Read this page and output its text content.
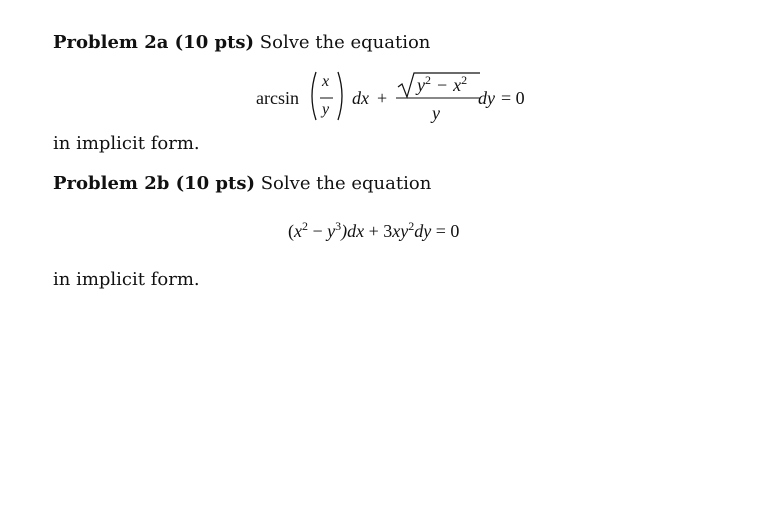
Problem 2a (10 pts) Solve the equation
arcsin
x
y
dx +
$y^2 - x^2$
y
dy = 0
in implicit form.
Problem 2b (10 pts) Solve the equation
$(x^2 - y^3)dx + 3xy^2dy = 0$
in implicit form.
